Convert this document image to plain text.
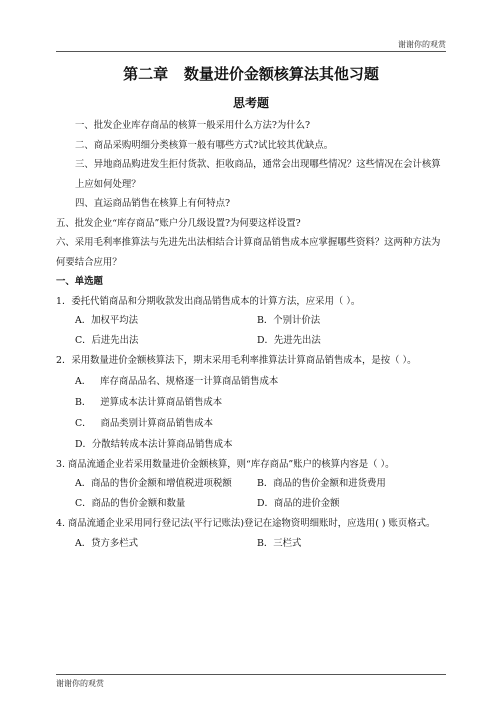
谢谢你的观赏
第二章   数量进价金额核算法其他习题
思考题

一、批发企业库存商品的核算一般采用什么方法?为什么?

二、商品采购明细分类核算一般有哪些方式?试比较其优缺点。

三、异地商品购进发生拒付货款、拒收商品，通常会出现哪些情况？这些情况在会计核算上应如何处理？

四、直运商品销售在核算上有何特点?

五、批发企业“库存商品”账户分几级设置?为何要这样设置?

六、采用毛利率推算法与先进先出法相结合计算商品销售成本应掌握哪些资料？这两种方法为何要结合应用？

一、单选题

1．委托代销商品和分期收款发出商品销售成本的计算方法，应采用（ ）。

A．加权平均法	B．个别计价法
C．后进先出法	D．先进先出法

2．采用数量进价金额核算法下，期末采用毛利率推算法计算商品销售成本，是按（ ）。

A．   库存商品品名、规格逐一计算商品销售成本
B．   逆算成本法计算商品销售成本
C．   商品类别计算商品销售成本
D．分散结转成本法计算商品销售成本

3. 商品流通企业若采用数量进价金额核算，则“库存商品”账户的核算内容是（ ）。

A．商品的售价金额和增值税进项税额	B．商品的售价金额和进货费用
C．商品的售价金额和数量	D．商品的进价金额

4. 商品流通企业采用同行登记法(平行记账法)登记在途物资明细账时，应选用( ) 账页格式。

A．贷方多栏式	B．三栏式
谢谢你的观赏
